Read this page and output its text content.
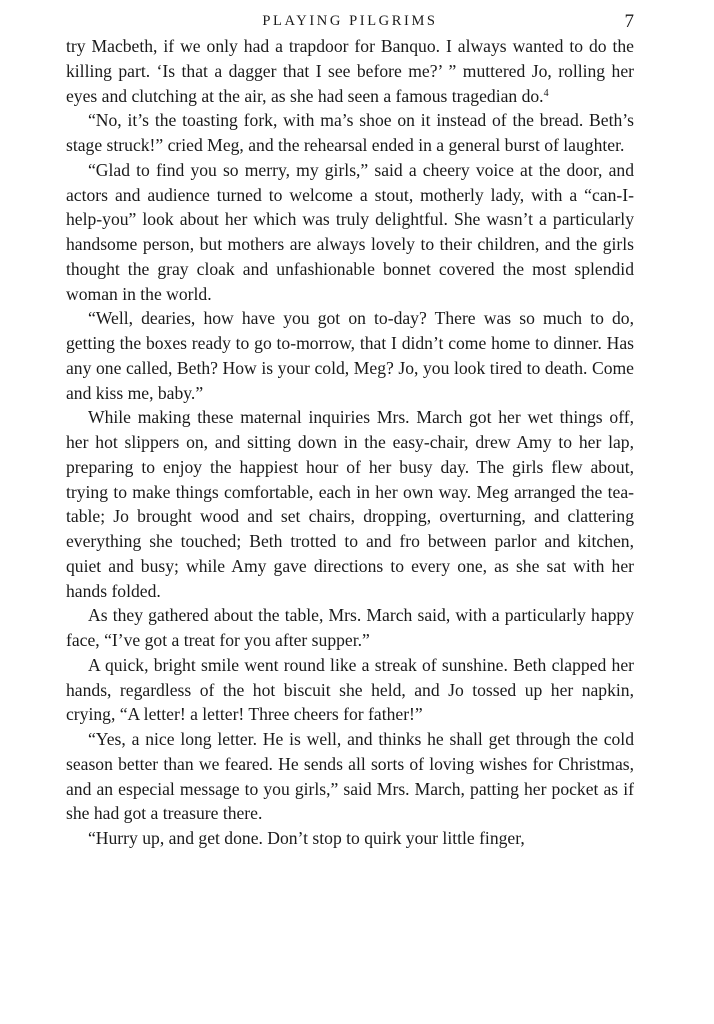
PLAYING PILGRIMS	7

try Macbeth, if we only had a trapdoor for Banquo. I always wanted to do the killing part. ‘Is that a dagger that I see before me?’ ” muttered Jo, rolling her eyes and clutching at the air, as she had seen a famous tragedian do.$^4$

“No, it’s the toasting fork, with ma’s shoe on it instead of the bread. Beth’s stage struck!” cried Meg, and the rehearsal ended in a general burst of laughter.

“Glad to find you so merry, my girls,” said a cheery voice at the door, and actors and audience turned to welcome a stout, motherly lady, with a “can-I-help-you” look about her which was truly delightful. She wasn’t a particularly handsome person, but mothers are always lovely to their children, and the girls thought the gray cloak and unfashionable bonnet covered the most splendid woman in the world.

“Well, dearies, how have you got on to-day? There was so much to do, getting the boxes ready to go to-morrow, that I didn’t come home to dinner. Has any one called, Beth? How is your cold, Meg? Jo, you look tired to death. Come and kiss me, baby.”

While making these maternal inquiries Mrs. March got her wet things off, her hot slippers on, and sitting down in the easy-chair, drew Amy to her lap, preparing to enjoy the happiest hour of her busy day. The girls flew about, trying to make things comfortable, each in her own way. Meg arranged the tea-table; Jo brought wood and set chairs, dropping, overturning, and clattering everything she touched; Beth trotted to and fro between parlor and kitchen, quiet and busy; while Amy gave directions to every one, as she sat with her hands folded.

As they gathered about the table, Mrs. March said, with a particularly happy face, “I’ve got a treat for you after supper.”

A quick, bright smile went round like a streak of sunshine. Beth clapped her hands, regardless of the hot biscuit she held, and Jo tossed up her napkin, crying, “A letter! a letter! Three cheers for father!”

“Yes, a nice long letter. He is well, and thinks he shall get through the cold season better than we feared. He sends all sorts of loving wishes for Christmas, and an especial message to you girls,” said Mrs. March, patting her pocket as if she had got a treasure there.

“Hurry up, and get done. Don’t stop to quirk your little finger,
